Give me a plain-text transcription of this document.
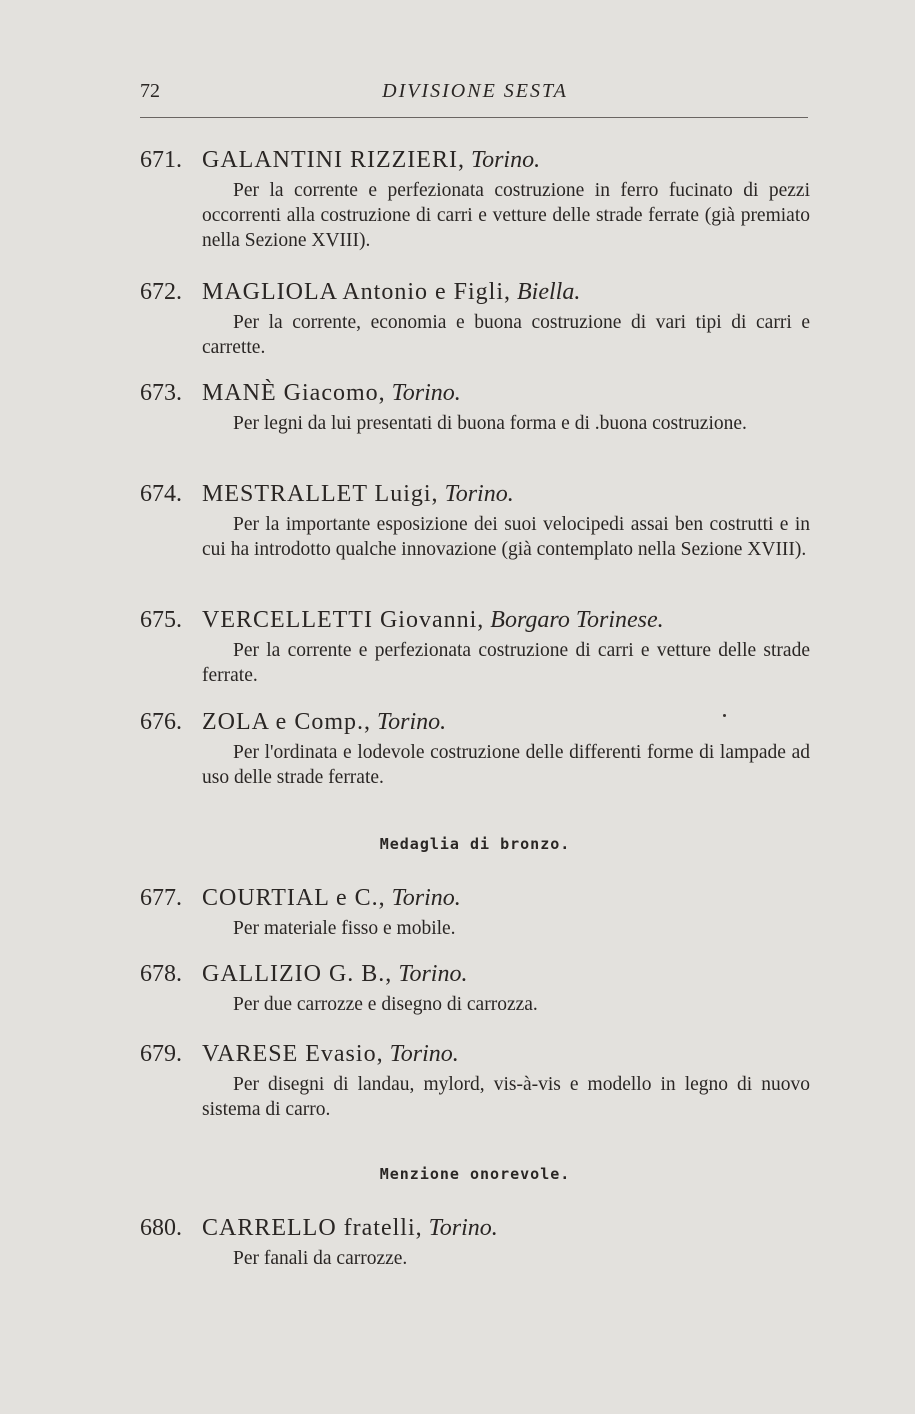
72	DIVISIONE SESTA
671. GALANTINI RIZZIERI, Torino.
Per la corrente e perfezionata costruzione in ferro fucinato di pezzi occorrenti alla costruzione di carri e vetture delle strade ferrate (già premiato nella Sezione XVIII).
672. MAGLIOLA Antonio e Figli, Biella.
Per la corrente, economia e buona costruzione di vari tipi di carri e carrette.
673. MANÈ Giacomo, Torino.
Per legni da lui presentati di buona forma e di .buona costruzione.
674. MESTRALLET Luigi, Torino.
Per la importante esposizione dei suoi velocipedi assai ben costrutti e in cui ha introdotto qualche innovazione (già contemplato nella Sezione XVIII).
675. VERCELLETTI Giovanni, Borgaro Torinese.
Per la corrente e perfezionata costruzione di carri e vetture delle strade ferrate.
676. ZOLA e Comp., Torino.
Per l'ordinata e lodevole costruzione delle differenti forme di lampade ad uso delle strade ferrate.
Medaglia di bronzo.
677. COURTIAL e C., Torino.
Per materiale fisso e mobile.
678. GALLIZIO G. B., Torino.
Per due carrozze e disegno di carrozza.
679. VARESE Evasio, Torino.
Per disegni di landau, mylord, vis-à-vis e modello in legno di nuovo sistema di carro.
Menzione onorevole.
680. CARRELLO fratelli, Torino.
Per fanali da carrozze.
